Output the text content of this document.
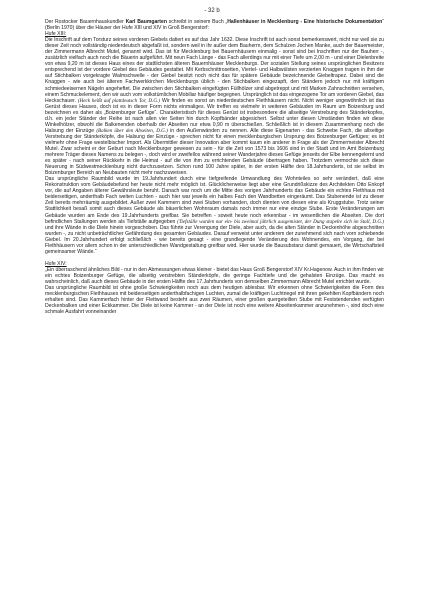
- 32 b

Der Rostocker Bauernhauskundler Karl Baumgarten schreibt in seinem Buch „Hallenhäuser in Mecklenburg - Eine historische Dokumentation“ (Berlin 1970) über die Häuser der Hufe XIII und XIV in Groß Bengerstorf:

Hufe XIII:

Die Inschrift auf dem Torsturz seines vorderen Giebels datiert es auf das Jahr 1632. Diese Inschrift ist auch sonst bemerkenswert, nicht nur weil sie zu dieser Zeit noch vollständig niederdeutsch abgefaßt ist, sondern weil in ihr außer dem Bauherrn, dem Schulzen Jochen Manke, auch der Bauemeister, der Zimmermann Albrecht Mutel, genannt wird. Das ist für Mecklenburg bei Bauernhäusern einmalig - sonst sind bei Inschriften nur der Bauherr -, zusätzlich vielfach auch noch die Bäuerin aufgeführt. Mit neun Fach Länge - das Fach allerdings nur mit einer Tiefe um 2,00 m - und einer Dielenbreite von etwa 9,20 m ist dieses Haus eines der stattlichsten älteren Bauernhäuser Mecklenburgs. Der sozialen Stellung seines ursprünglichen Besitzers entsprechend ist der vordere Giebel des Gebäudes gestaltet. Mit Kerbschnittrosetten, Viertel- und Halbwülsten verzierten Knaggen tragen in ihm der auf Stichbalken vorgekragte Walmschwelle - der Giebel besitzt noch nicht das für spätere Gebäude bezeichnende Giebeltrapez. Dabei sind die Knaggen - wie auch bei älteren Fachwerkkirchen Mecklenburgs üblich - den Stichbalken eingezapft, den Ständern jedoch nur mit kräftigem schmiedeeisernen Nägeln angeheftet. Die zwischen den Stichbalken eingefügten Füllhölzer sind abgetreppt und mit Marken Zahnschnitten versehen, einem Schmuckelement, den wir auch vom volkstümlichen Mobiliar häufiger begegnen. Ursprünglich ist das eingezogene Tor am vorderen Giebel, das Heckschauer. (Heck heißt auf plattdeutsch Tor, D.G.) Wir finden es sonst an niederdeutschen Flethhäusern nicht. Nicht weniger ungewöhnlich ist das Gerüst dieses Hauses, doch ist es in dieser Form nichts einmaliges. Wir treffen es vielmehr in weiteren Gebäuden im Raum um Boizenburg und bezeichnen es daher als „Boizenburger Gefüge“. Charakteristisch für dieses Gerüst ist insbesondere die allseitige Verstrebung des Ständerkopfes, d.h. ein jeder Ständer der Reihe ist nach allen vier Seiten hin durch Kopfbänder abgesichert. Selbst unter diesen Umständen finden wir diese Winkelhölzer, obwohl die Balkenenden oberhalb der Abseiten nur etwa 0,90 m überschießen. Schließlich ist in diesem Zusammenhang noch die Halsung der Einzüge (Balken über den Abseiten, D.G.) in den Außenwänden zu nennen. Alle diese Eigenarten - das Schwebe Fach, die allseitige Verstrebung der Ständerköpfe, die Halsung der Einzüge - sprechen nicht für einen mecklenburgischen Ursprung des Boizenburger Gefüges; es ist vielmehr ohne Frage westelbischer Import. Als Übermittler dieser Innovation aber kommt kaum ein anderer in Frage als der Zimmermeister Albrecht Mutel. Zwar scheint er der Geburt nach Mecklenburger gewesen zu sein - für die Zeit von 1573 bis 1606 sind in der Stadt und im Amt Boizenburg mehrere Träger dieses Namens zu belegen -, doch wird er zweifellos während seiner Wanderjahre dieses Gefüge jenseits der Elbe kennengelernt und es später - nach seiner Rückkehr in die Heimat - auf die von ihm zu errichtenden Gebäude übertragen haben. Trotzdem vermochte sich diese Neuerung in Südwestmecklenburg nicht durchzusetzen. Schon rund 100 Jahre später, in der ersten Hälfte des 18.Jahrhunderts, ist sie selbst im Boizenburger Bereich an Neubauten nicht mehr nachzuweisen.

Das ursprüngliche Raumbild wurde im 19.Jahrhundert durch eine tiefgreifende Umwandlung des Wohnteiles so sehr verändert, daß eine Rekonstruktion vom Gebäudebefund her heute nicht mehr möglich ist. Glücklicherweise liegt aber eine Grundrißskizze des Architekten Otto Enkopf vor, die auf Angaben älterer Gewährsleute beruht. Danach war noch um die Mitte des vorigen Jahrhunderts das Gebäude ein echtes Flethhaus mit beiderseitigen, anderthalb Fach weiten Luchten - auch hier war jeweils ein halbes Fach den Wandbetten eingeräumt. Das Stubenende ist zu dieser Zeit bereits mehrräumig ausgebildet. Außer zwei Kammern sind zwei Stuben vorhanden, doch dienten von diesen eine als Kruggstube. Trotz seiner Stattlichkeit besaß somit auch dieses Gebäude als bäuerlichen Wohnraum damals noch immer nur eine einzige Stube. Erste Veränderungen am Gebäude wurden am Ende des 19.Jahrhunderts greifbar. Sie betreffen - soweit heute noch erkennbar - im wesentlichen die Abseiten. Die dort befindlichen Stallungen werden als Tiefställe aufgegeben (Tiefställe wurden nur ein- bis zweimal jährlich ausgemistet, der Dung stapelte sich im Stall, D.G.) und ihre Wände in die Diele hinein vorgeschoben. Das führte zur Verengung der Diele, aber auch, da die alten Ständer in Deckenhöhe abgeschnitten wurden -, zu nicht unbeträchtlicher Gefährdung des gesamten Gebäudes. Darauf verweist unter anderem der zunehmend sich nach vorn schiebende Giebel. Im 20.Jahrhundert erfolgt schließlich - wie bereits gesagt - eine grundlegende Veränderung des Wohnendes, ein Vorgang, der bei Flethhäusern vor allem schon in der unterschiedlichen Wandgestaltung greifbar wird. Hier wurde die Bausubstanz damit gemauert, die Wirtschaftsteil gemeinsamer Wände.“

Hufe XIV:

„Ein überraschend ähnliches Bild - nur in den Abmessungen etwas kleiner - bietet das Haus Groß Bengerstorf XIV Kr.Hagenow. Auch in ihm finden wir ein echtes Boizenburger Gefüge, die allseitig verstrebten Ständerköpfe, die geringe Fachtiefe und die gehalsten Einzüge. Das macht es wahrscheinlich, daß auch dieses Gebäude in der ersten Hälfte des 17.Jahrhunderts von demselben Zimmermann Albrecht Mutel errichtet wurde.

Das ursprüngliche Raumbild ist ohne große Schwierigkeiten noch aus dem heutigen ablesbar. Wir erkennen ohne Schwierigkeiten die Form des mecklenburgischen Flethhauses mit beiderseitigen anderthalbfachigen Luchten, zumal die kräftigen Luchtriegel mit ihren gekehlten Kopfbändern noch erhalten sind. Das Kammerfach hinter der Flettwand besteht aus zwei Räumen, einer großen quergeteilten Stube mit Feststendenden verfügten Deckenbalken und einer Eckkammer. Die Diele ist keine Kammer - an der Diele ist noch eine weitere Abseitenkammer anzunehmen -, sind doch eine schmale Ausfahrt vonneinander
